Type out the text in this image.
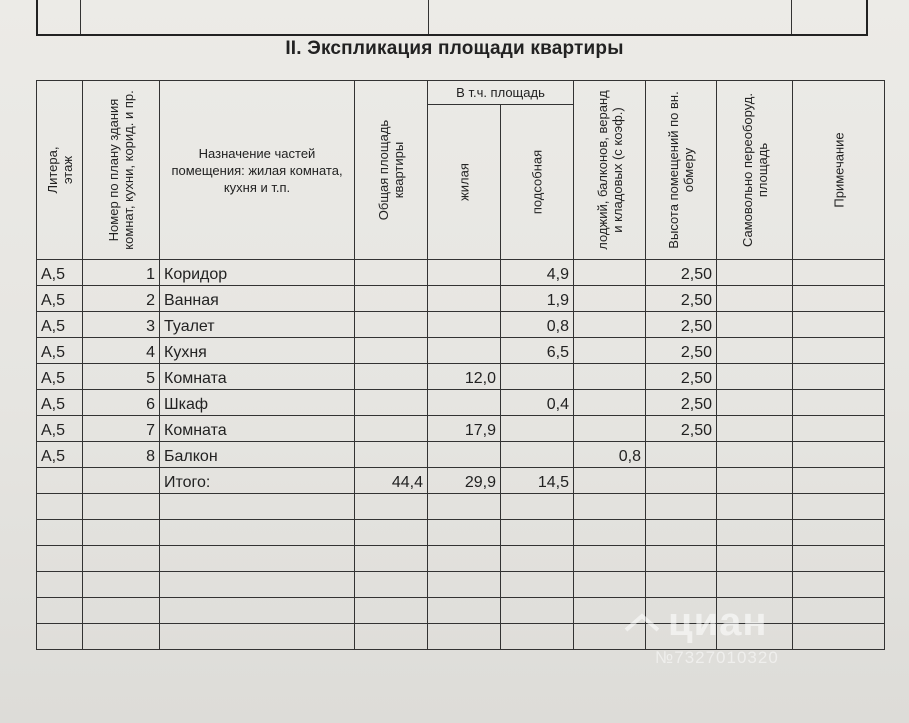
II. Экспликация площади квартиры
Литера, этаж	Номер по плану здания комнат, кухни, корид. и пр.	Назначение частей помещения: жилая комната, кухня и т.п.	Общая площадь квартиры	В т.ч. площадь		лоджий, балконов, веранд и кладовых (с коэф.)	Высота помещений по вн. обмеру	Самовольно переоборуд. площадь	Примечание

				жилая	подсобная				

А,5	1	Коридор			4,9		2,50		
А,5	2	Ванная			1,9		2,50		
А,5	3	Туалет			0,8		2,50		
А,5	4	Кухня			6,5		2,50		
А,5	5	Комната		12,0			2,50		
А,5	6	Шкаф			0,4		2,50		
А,5	7	Комната		17,9			2,50		
А,5	8	Балкон				0,8			
		Итого:	44,4	29,9	14,5				

циан
№7327010320
